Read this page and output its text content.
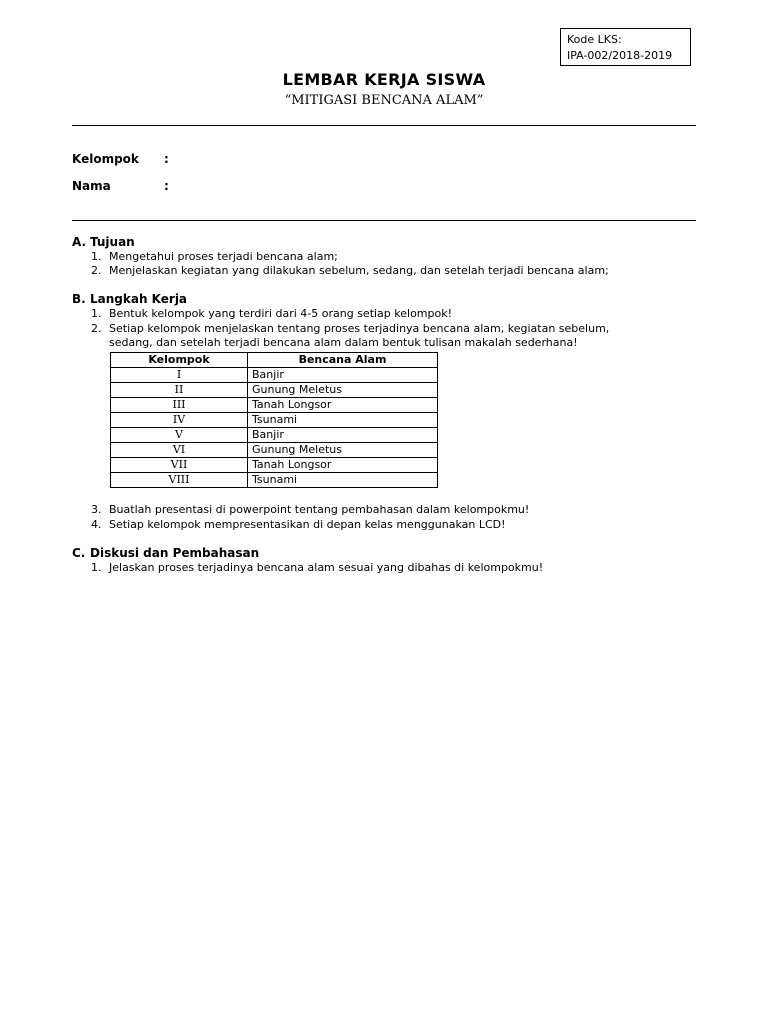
Kode LKS:
IPA-002/2018-2019
LEMBAR KERJA SISWA
“MITIGASI BENCANA ALAM”
Kelompok :
Nama	:
A. Tujuan
1. Mengetahui proses terjadi bencana alam;
2. Menjelaskan kegiatan yang dilakukan sebelum, sedang, dan setelah terjadi bencana alam;
B. Langkah Kerja
1. Bentuk kelompok yang terdiri dari 4-5 orang setiap kelompok!
2. Setiap kelompok menjelaskan tentang proses terjadinya bencana alam, kegiatan sebelum, sedang, dan setelah terjadi bencana alam dalam bentuk tulisan makalah sederhana!
Kelompok	Bencana Alam
I	Banjir
II	Gunung Meletus
III	Tanah Longsor
IV	Tsunami
V	Banjir
VI	Gunung Meletus
VII	Tanah Longsor
VIII	Tsunami
3. Buatlah presentasi di powerpoint tentang pembahasan dalam kelompokmu!
4. Setiap kelompok mempresentasikan di depan kelas menggunakan LCD!
C. Diskusi dan Pembahasan
1. Jelaskan proses terjadinya bencana alam sesuai yang dibahas di kelompokmu!
